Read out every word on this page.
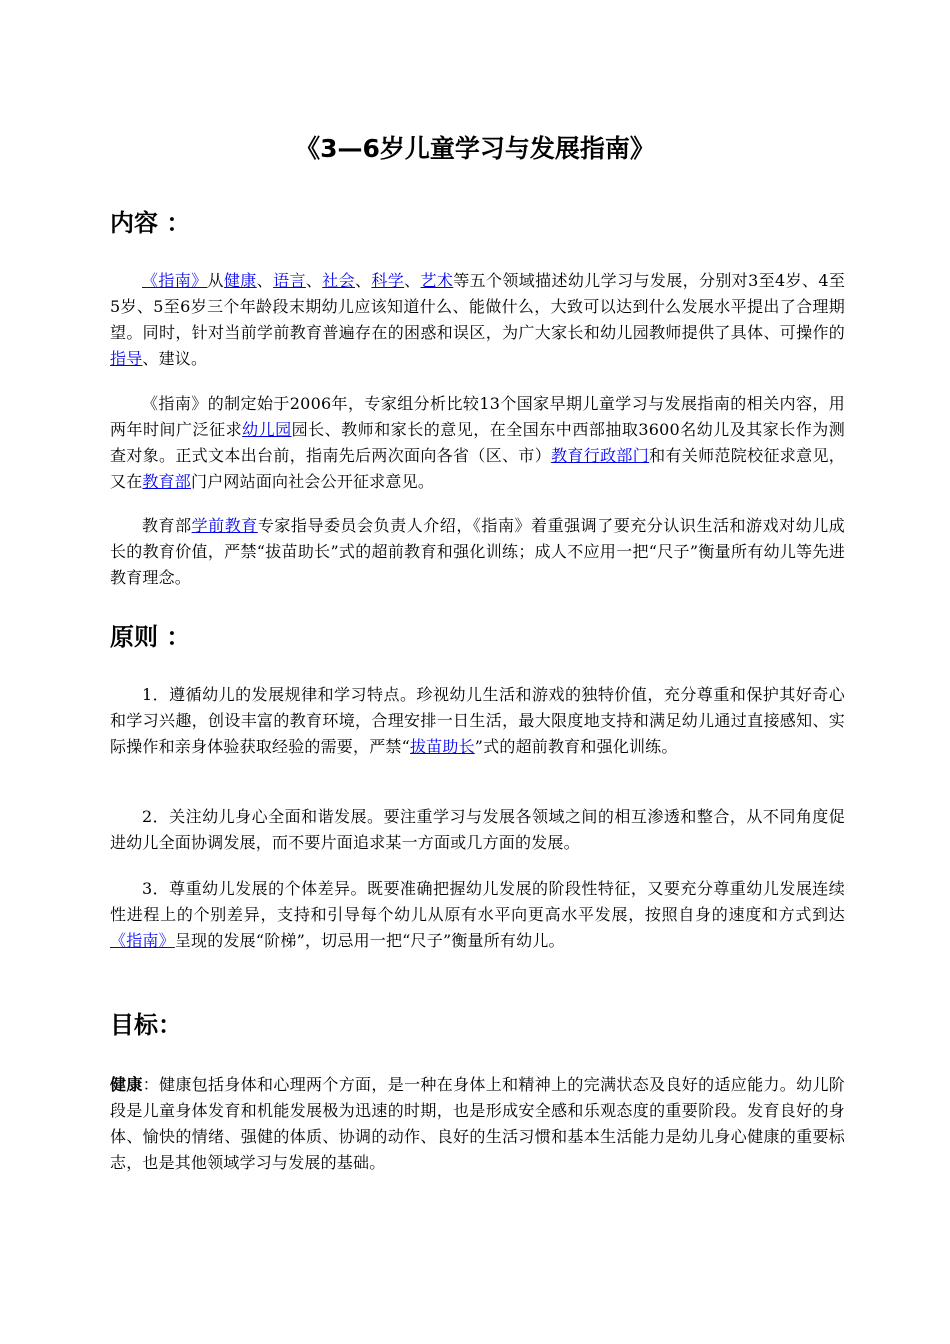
《3—6岁儿童学习与发展指南》
内容 ：

《指南》从健康、语言、社会、科学、艺术等五个领域描述幼儿学习与发展，分别对3至4岁、4至5岁、5至6岁三个年龄段末期幼儿应该知道什么、能做什么，大致可以达到什么发展水平提出了合理期望。同时，针对当前学前教育普遍存在的困惑和误区，为广大家长和幼儿园教师提供了具体、可操作的指导、建议。

《指南》的制定始于2006年，专家组分析比较13个国家早期儿童学习与发展指南的相关内容，用两年时间广泛征求幼儿园园长、教师和家长的意见，在全国东中西部抽取3600名幼儿及其家长作为测查对象。正式文本出台前，指南先后两次面向各省（区、市）教育行政部门和有关师范院校征求意见，又在教育部门户网站面向社会公开征求意见。

教育部学前教育专家指导委员会负责人介绍，《指南》着重强调了要充分认识生活和游戏对幼儿成长的教育价值，严禁“拔苗助长”式的超前教育和强化训练；成人不应用一把“尺子”衡量所有幼儿等先进教育理念。

原则 ：

1．遵循幼儿的发展规律和学习特点。珍视幼儿生活和游戏的独特价值，充分尊重和保护其好奇心和学习兴趣，创设丰富的教育环境，合理安排一日生活，最大限度地支持和满足幼儿通过直接感知、实际操作和亲身体验获取经验的需要，严禁“拔苗助长”式的超前教育和强化训练。

2．关注幼儿身心全面和谐发展。要注重学习与发展各领域之间的相互渗透和整合，从不同角度促进幼儿全面协调发展，而不要片面追求某一方面或几方面的发展。

3．尊重幼儿发展的个体差异。既要准确把握幼儿发展的阶段性特征，又要充分尊重幼儿发展连续性进程上的个别差异，支持和引导每个幼儿从原有水平向更高水平发展，按照自身的速度和方式到达《指南》呈现的发展“阶梯”，切忌用一把“尺子”衡量所有幼儿。

目标：

健康：健康包括身体和心理两个方面，是一种在身体上和精神上的完满状态及良好的适应能力。幼儿阶段是儿童身体发育和机能发展极为迅速的时期，也是形成安全感和乐观态度的重要阶段。发育良好的身体、愉快的情绪、强健的体质、协调的动作、良好的生活习惯和基本生活能力是幼儿身心健康的重要标志，也是其他领域学习与发展的基础。
